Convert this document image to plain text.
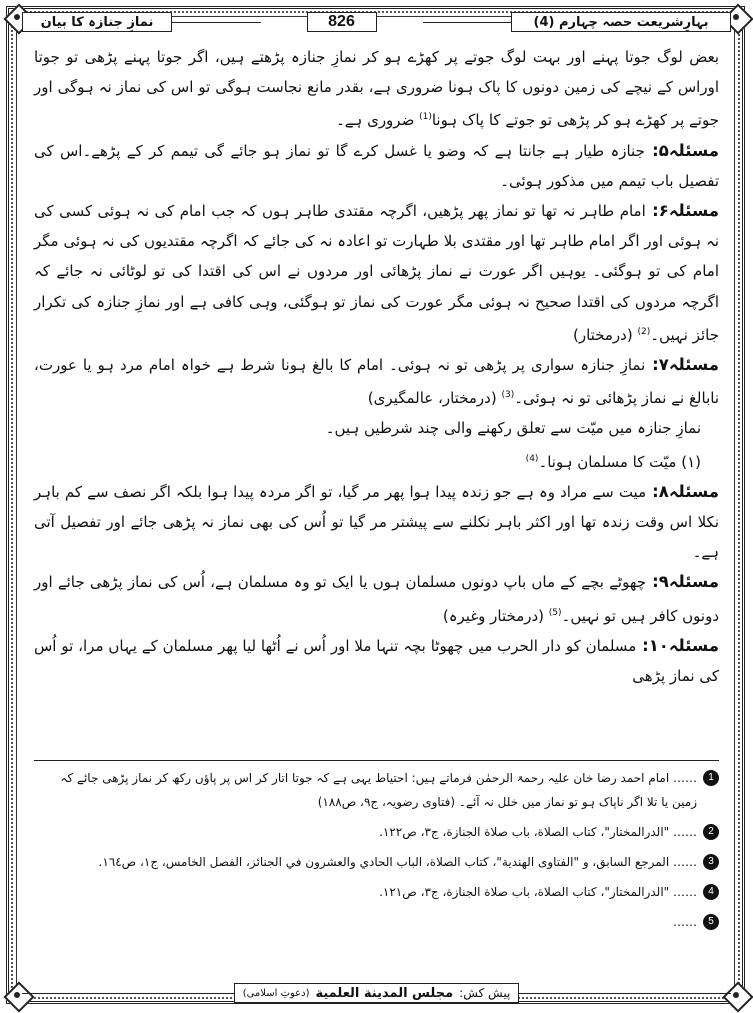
بہارِشریعت حصہ چہارم (4)
826
نمازِ جنازہ کا بیان

بعض لوگ جوتا پہنے اور بہت لوگ جوتے پر کھڑے ہو کر نمازِ جنازہ پڑھتے ہیں، اگر جوتا پہنے پڑھی تو جوتا اوراس کے نیچے کی زمین دونوں کا پاک ہونا ضروری ہے، بقدر مانع نجاست ہوگی تو اس کی نماز نہ ہوگی اور جوتے پر کھڑے ہو کر پڑھی تو جوتے کا پاک ہونا$^{(1)}$ ضروری ہے۔

مسئلہ۵: جنازہ طیار ہے جانتا ہے کہ وضو یا غسل کرے گا تو نماز ہو جائے گی تیمم کر کے پڑھے۔اس کی تفصیل باب تیمم میں مذکور ہوئی۔

مسئلہ۶: امام طاہر نہ تھا تو نماز پھر پڑھیں، اگرچہ مقتدی طاہر ہوں کہ جب امام کی نہ ہوئی کسی کی نہ ہوئی اور اگر امام طاہر تھا اور مقتدی بلا طہارت تو اعادہ نہ کی جائے کہ اگرچہ مقتدیوں کی نہ ہوئی مگر امام کی تو ہوگئی۔ یوہیں اگر عورت نے نماز پڑھائی اور مردوں نے اس کی اقتدا کی تو لوٹائی نہ جائے کہ اگرچہ مردوں کی اقتدا صحیح نہ ہوئی مگر عورت کی نماز تو ہوگئی، وہی کافی ہے اور نمازِ جنازہ کی تکرار جائز نہیں۔$^{(2)}$ (درمختار)

مسئلہ۷: نمازِ جنازہ سواری پر پڑھی تو نہ ہوئی۔ امام کا بالغ ہونا شرط ہے خواہ امام مرد ہو یا عورت، نابالغ نے نماز پڑھائی تو نہ ہوئی۔$^{(3)}$ (درمختار، عالمگیری)

نمازِ جنازہ میں میّت سے تعلق رکھنے والی چند شرطیں ہیں۔

(۱) میّت کا مسلمان ہونا۔$^{(4)}$

مسئلہ۸: میت سے مراد وہ ہے جو زندہ پیدا ہوا پھر مر گیا، تو اگر مردہ پیدا ہوا بلکہ اگر نصف سے کم باہر نکلا اس وقت زندہ تھا اور اکثر باہر نکلنے سے پیشتر مر گیا تو اُس کی بھی نماز نہ پڑھی جائے اور تفصیل آتی ہے۔

مسئلہ۹: چھوٹے بچے کے ماں باپ دونوں مسلمان ہوں یا ایک تو وہ مسلمان ہے، اُس کی نماز پڑھی جائے اور دونوں کافر ہیں تو نہیں۔$^{(5)}$ (درمختار وغیرہ)

مسئلہ۱۰: مسلمان کو دار الحرب میں چھوٹا بچہ تنہا ملا اور اُس نے اُٹھا لیا پھر مسلمان کے یہاں مرا، تو اُس کی نماز پڑھی

1
…… امام احمد رضا خان علیہ رحمۃ الرحمٰن فرماتے ہیں: احتیاط یہی ہے کہ جوتا اتار کر اس پر پاؤں رکھ کر نماز پڑھی جائے کہ زمین یا تلا اگر ناپاک ہو تو نماز میں خلل نہ آئے۔ (فتاوی رضویہ، ج۹، ص۱۸۸)
2
…… "الدرالمختار"، كتاب الصلاة، باب صلاة الجنازة، ج٣، ص١٢٢.
3
…… المرجع السابق، و "الفتاوى الهندية"، كتاب الصلاة، الباب الحادي والعشرون في الجنائز، الفصل الخامس، ج١، ص١٦٤.
4
…… "الدرالمختار"، كتاب الصلاة، باب صلاة الجنازة، ج٣، ص١٢١.
5
……
پیش کش:
مجلس المدينة العلمية
(دعوتِ اسلامی)
